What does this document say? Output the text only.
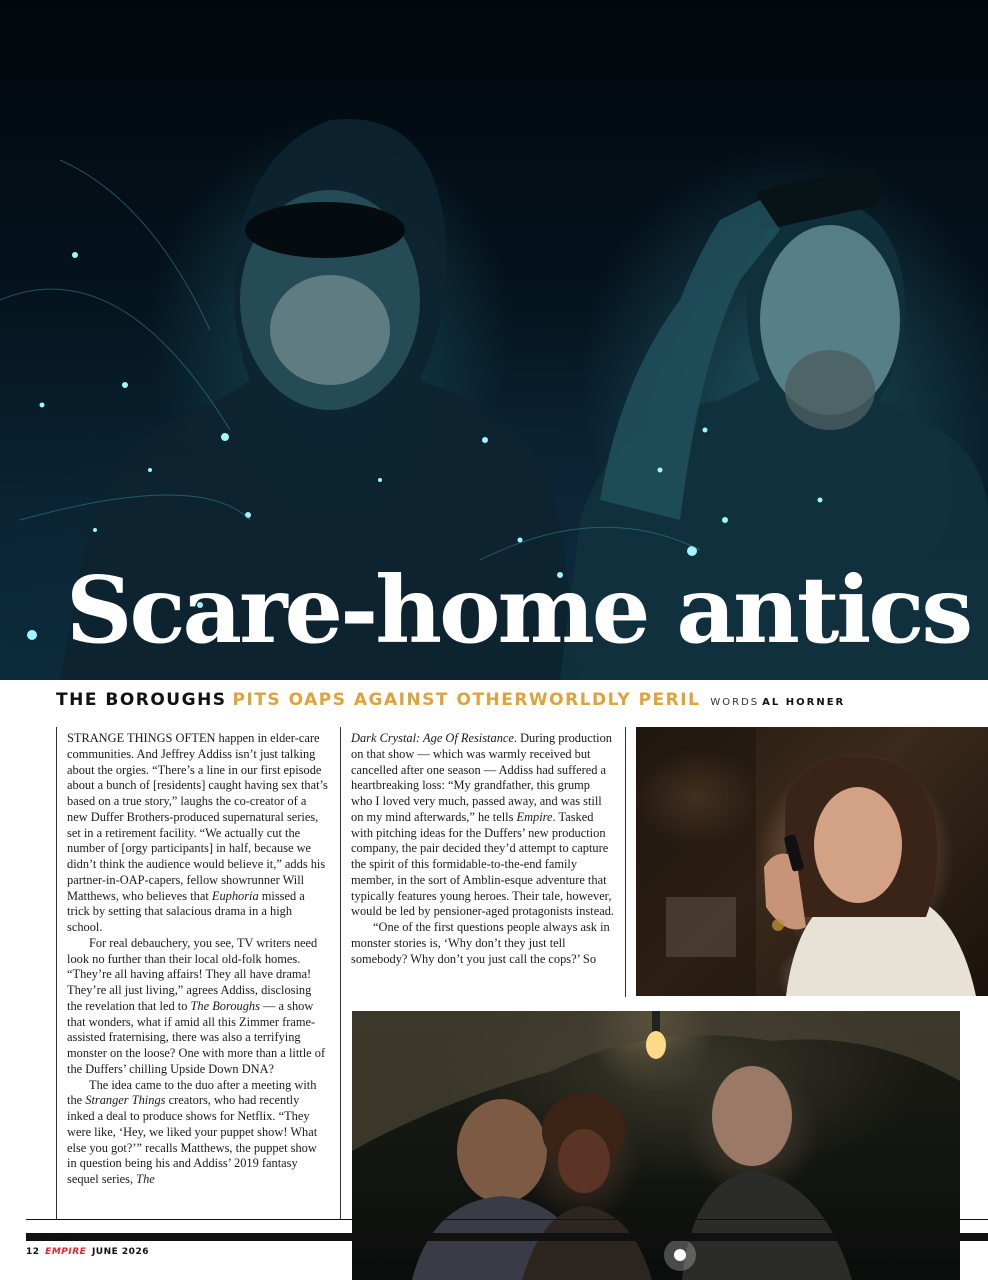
Scare-home antics
THE BOROUGHS PITS OAPS AGAINST OTHERWORLDLY PERIL WORDS AL HORNER

STRANGE THINGS OFTEN happen in elder-care communities. And Jeffrey Addiss isn’t just talking about the orgies. “There’s a line in our first episode about a bunch of [residents] caught having sex that’s based on a true story,” laughs the co-creator of a new Duffer Brothers-produced supernatural series, set in a retirement facility. “We actually cut the number of [orgy participants] in half, because we didn’t think the audience would believe it,” adds his partner-in-OAP-capers, fellow showrunner Will Matthews, who believes that Euphoria missed a trick by setting that salacious drama in a high school.

For real debauchery, you see, TV writers need look no further than their local old-folk homes. “They’re all having affairs! They all have drama! They’re all just living,” agrees Addiss, disclosing the revelation that led to The Boroughs — a show that wonders, what if amid all this Zimmer frame-assisted fraternising, there was also a terrifying monster on the loose? One with more than a little of the Duffers’ chilling Upside Down DNA?

The idea came to the duo after a meeting with the Stranger Things creators, who had recently inked a deal to produce shows for Netflix. “They were like, ‘Hey, we liked your puppet show! What else you got?’” recalls Matthews, the puppet show in question being his and Addiss’ 2019 fantasy sequel series, The

Dark Crystal: Age Of Resistance. During production on that show — which was warmly received but cancelled after one season — Addiss had suffered a heartbreaking loss: “My grandfather, this grump who I loved very much, passed away, and was still on my mind afterwards,” he tells Empire. Tasked with pitching ideas for the Duffers’ new production company, the pair decided they’d attempt to capture the spirit of this formidable-to-the-end family member, in the sort of Amblin-esque adventure that typically features young heroes. Their tale, however, would be led by pensioner-aged protagonists instead.

“One of the first questions people always ask in monster stories is, ‘Why don’t they just tell somebody? Why don’t you just call the cops?’ So

12 EMPIRE JUNE 2026
